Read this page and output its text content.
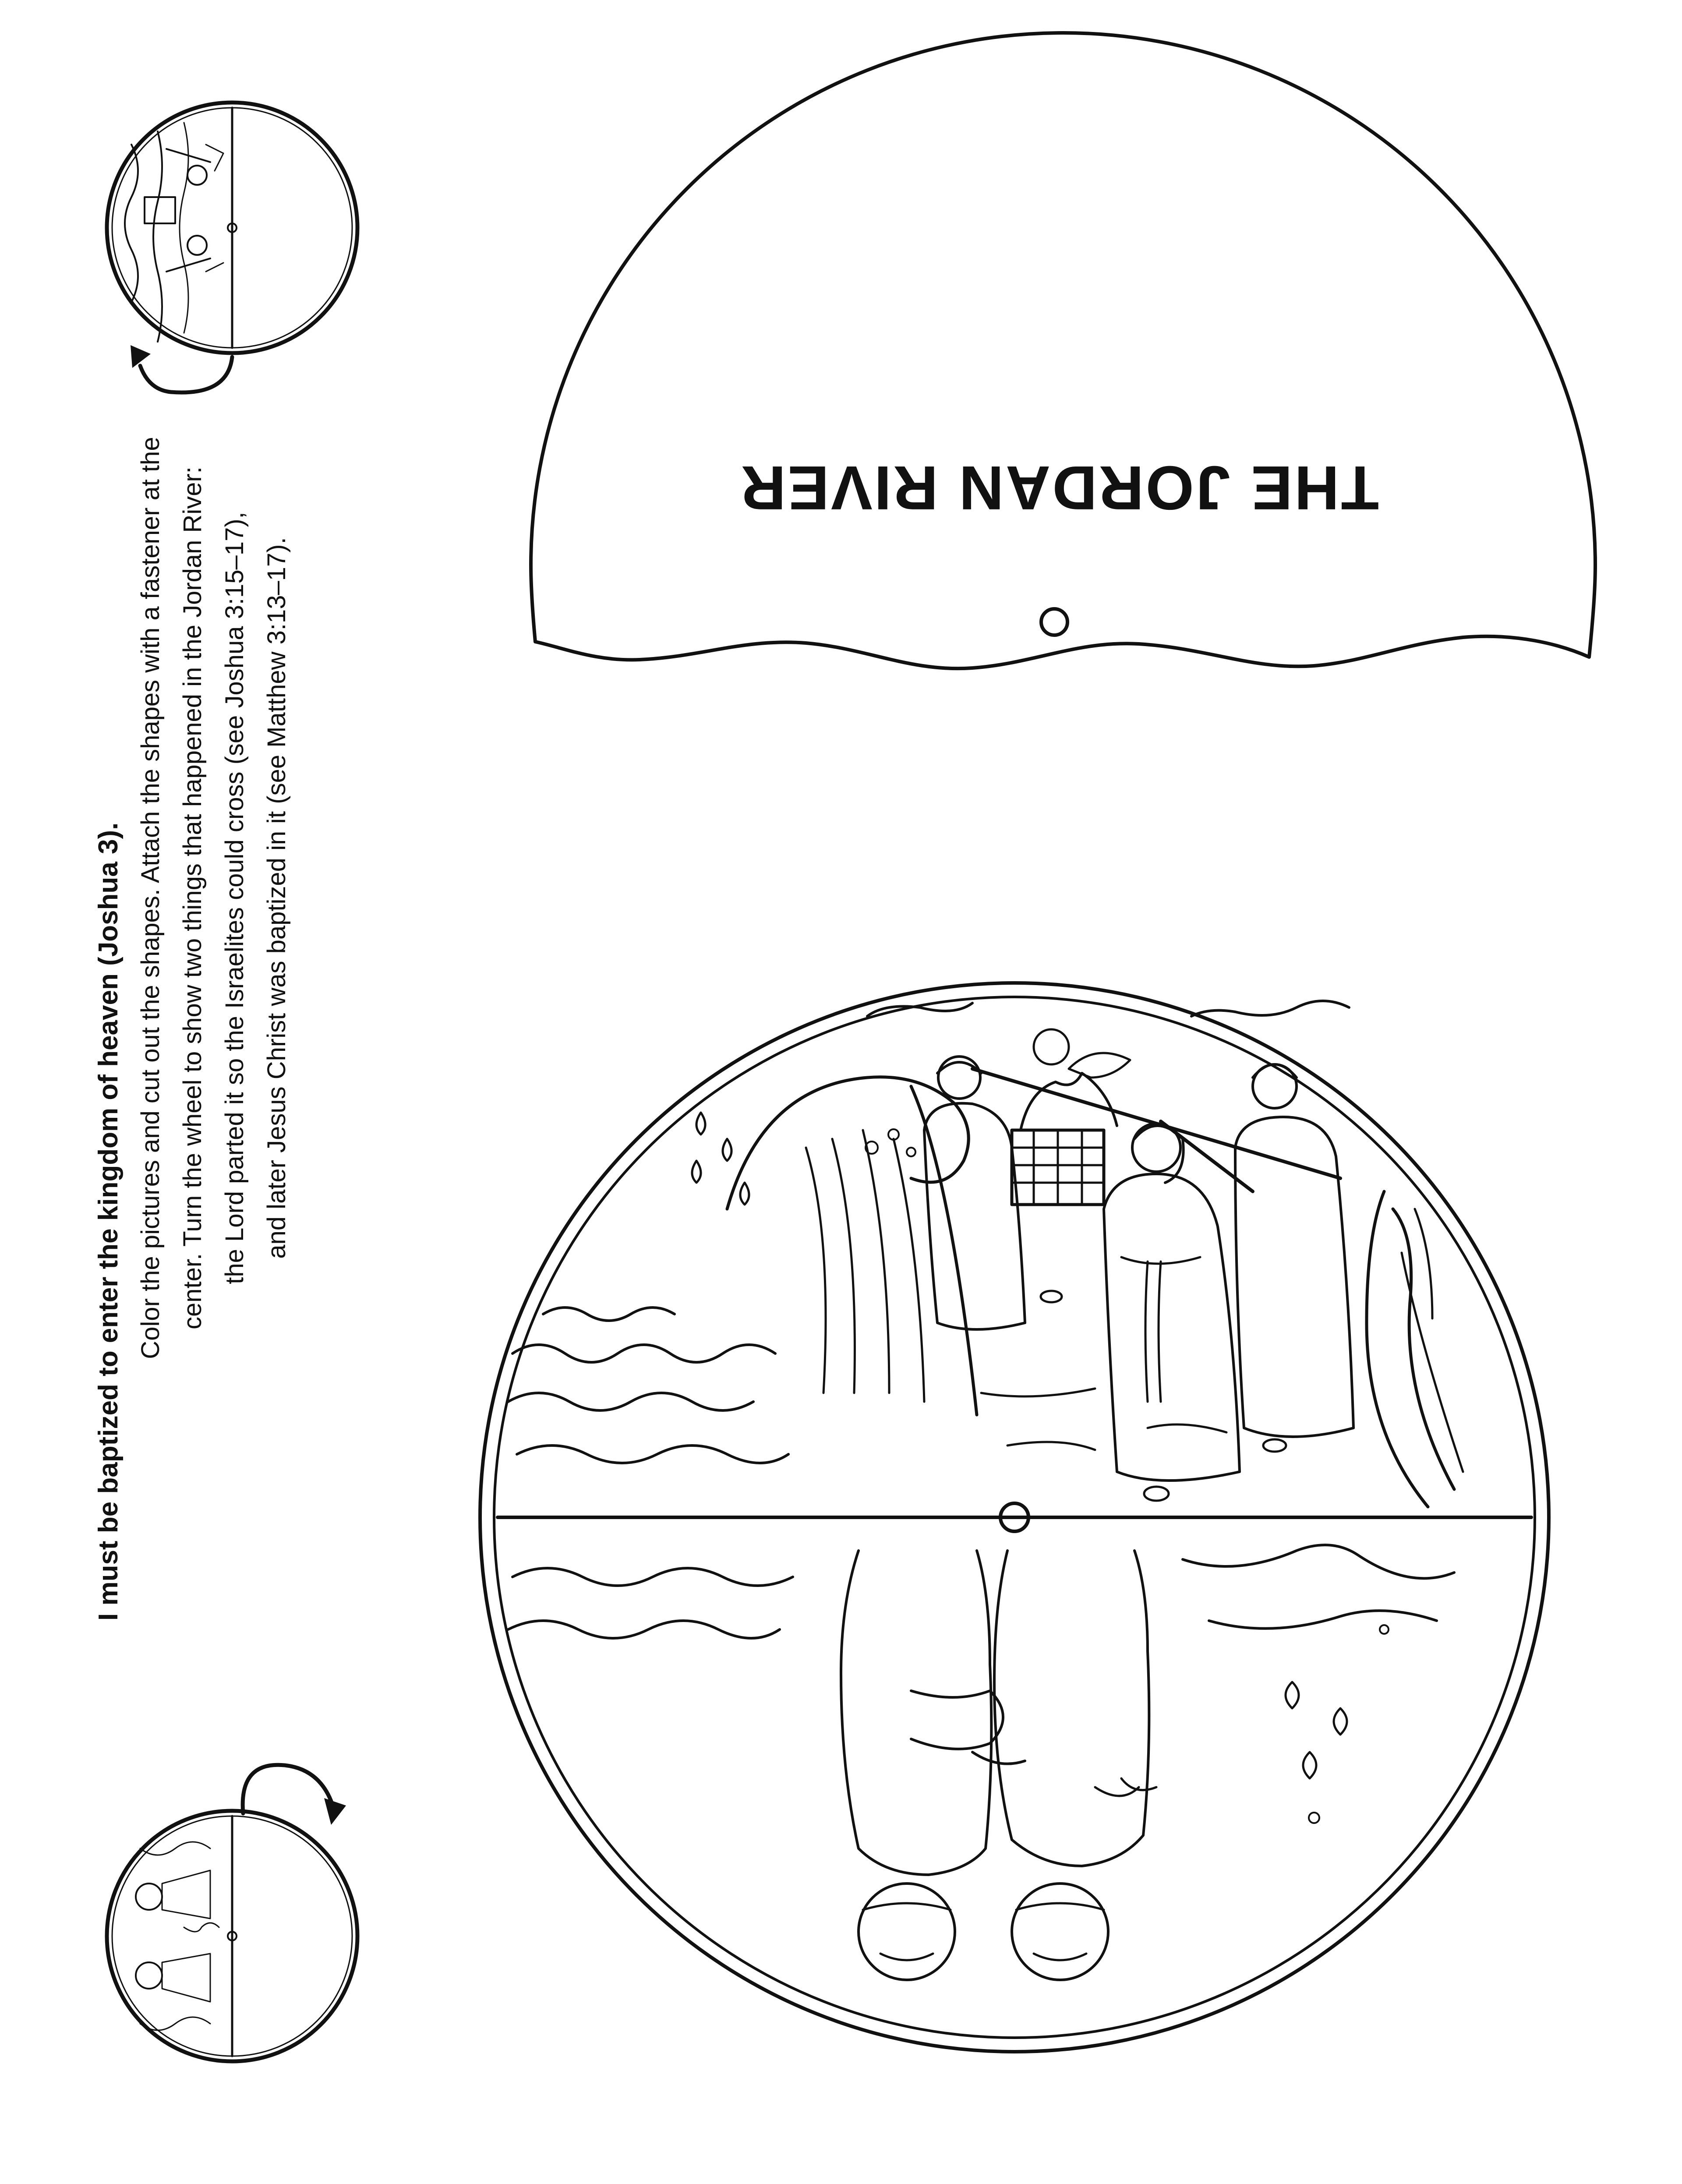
THE JORDAN RIVER

I must be baptized to enter the kingdom of heaven (Joshua 3). Color the pictures and cut out the shapes. Attach the shapes with a fastener at the center. Turn the wheel to show two things that happened in the Jordan River: the Lord parted it so the Israelites could cross (see Joshua 3:15–17), and later Jesus Christ was baptized in it (see Matthew 3:13–17).
